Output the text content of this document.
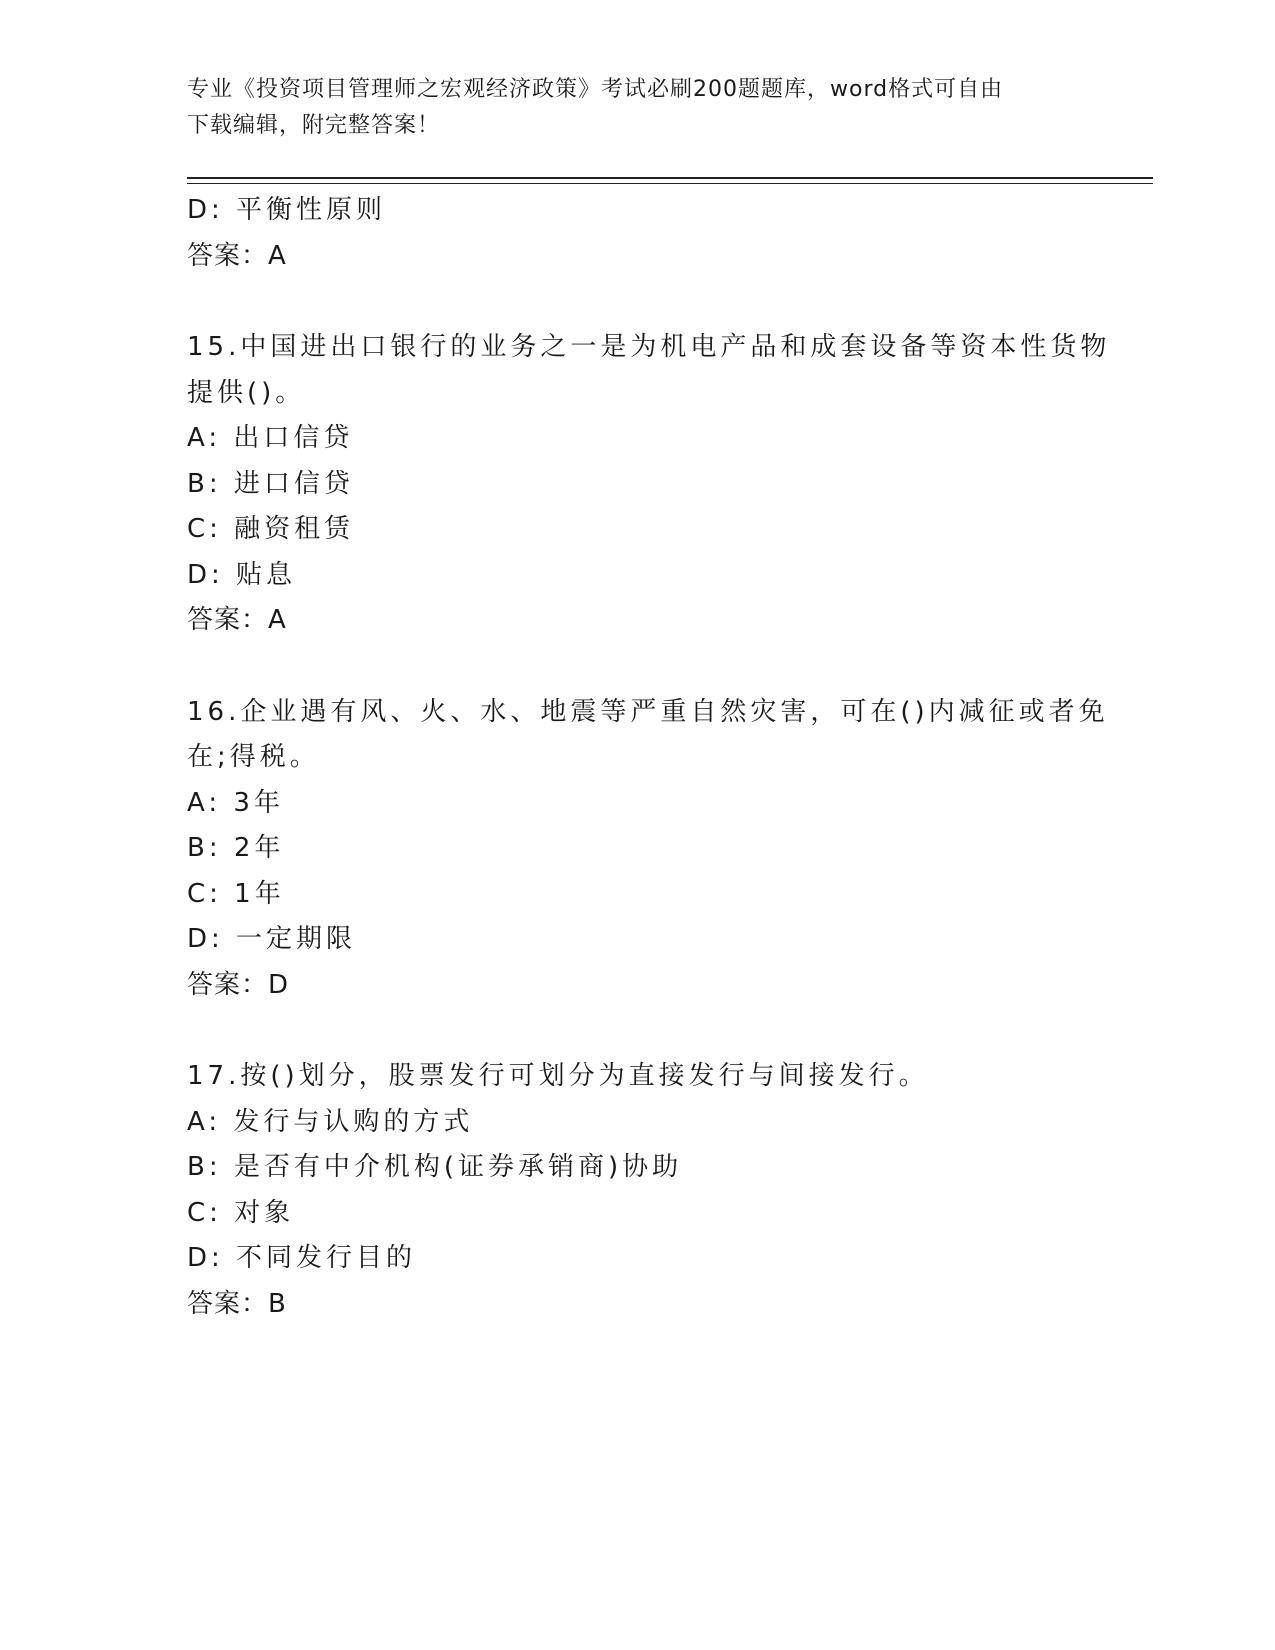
专业《投资项目管理师之宏观经济政策》考试必刷200题题库，word格式可自由
下载编辑，附完整答案！
D: 平衡性原则
答案：A
15.中国进出口银行的业务之一是为机电产品和成套设备等资本性货物
提供()。
A: 出口信贷
B: 进口信贷
C: 融资租赁
D: 贴息
答案：A
16.企业遇有风、火、水、地震等严重自然灾害，可在()内减征或者免
在;得税。
A: 3年
B: 2年
C: 1年
D: 一定期限
答案：D
17.按()划分，股票发行可划分为直接发行与间接发行。
A: 发行与认购的方式
B: 是否有中介机构(证券承销商)协助
C: 对象
D: 不同发行目的
答案：B
